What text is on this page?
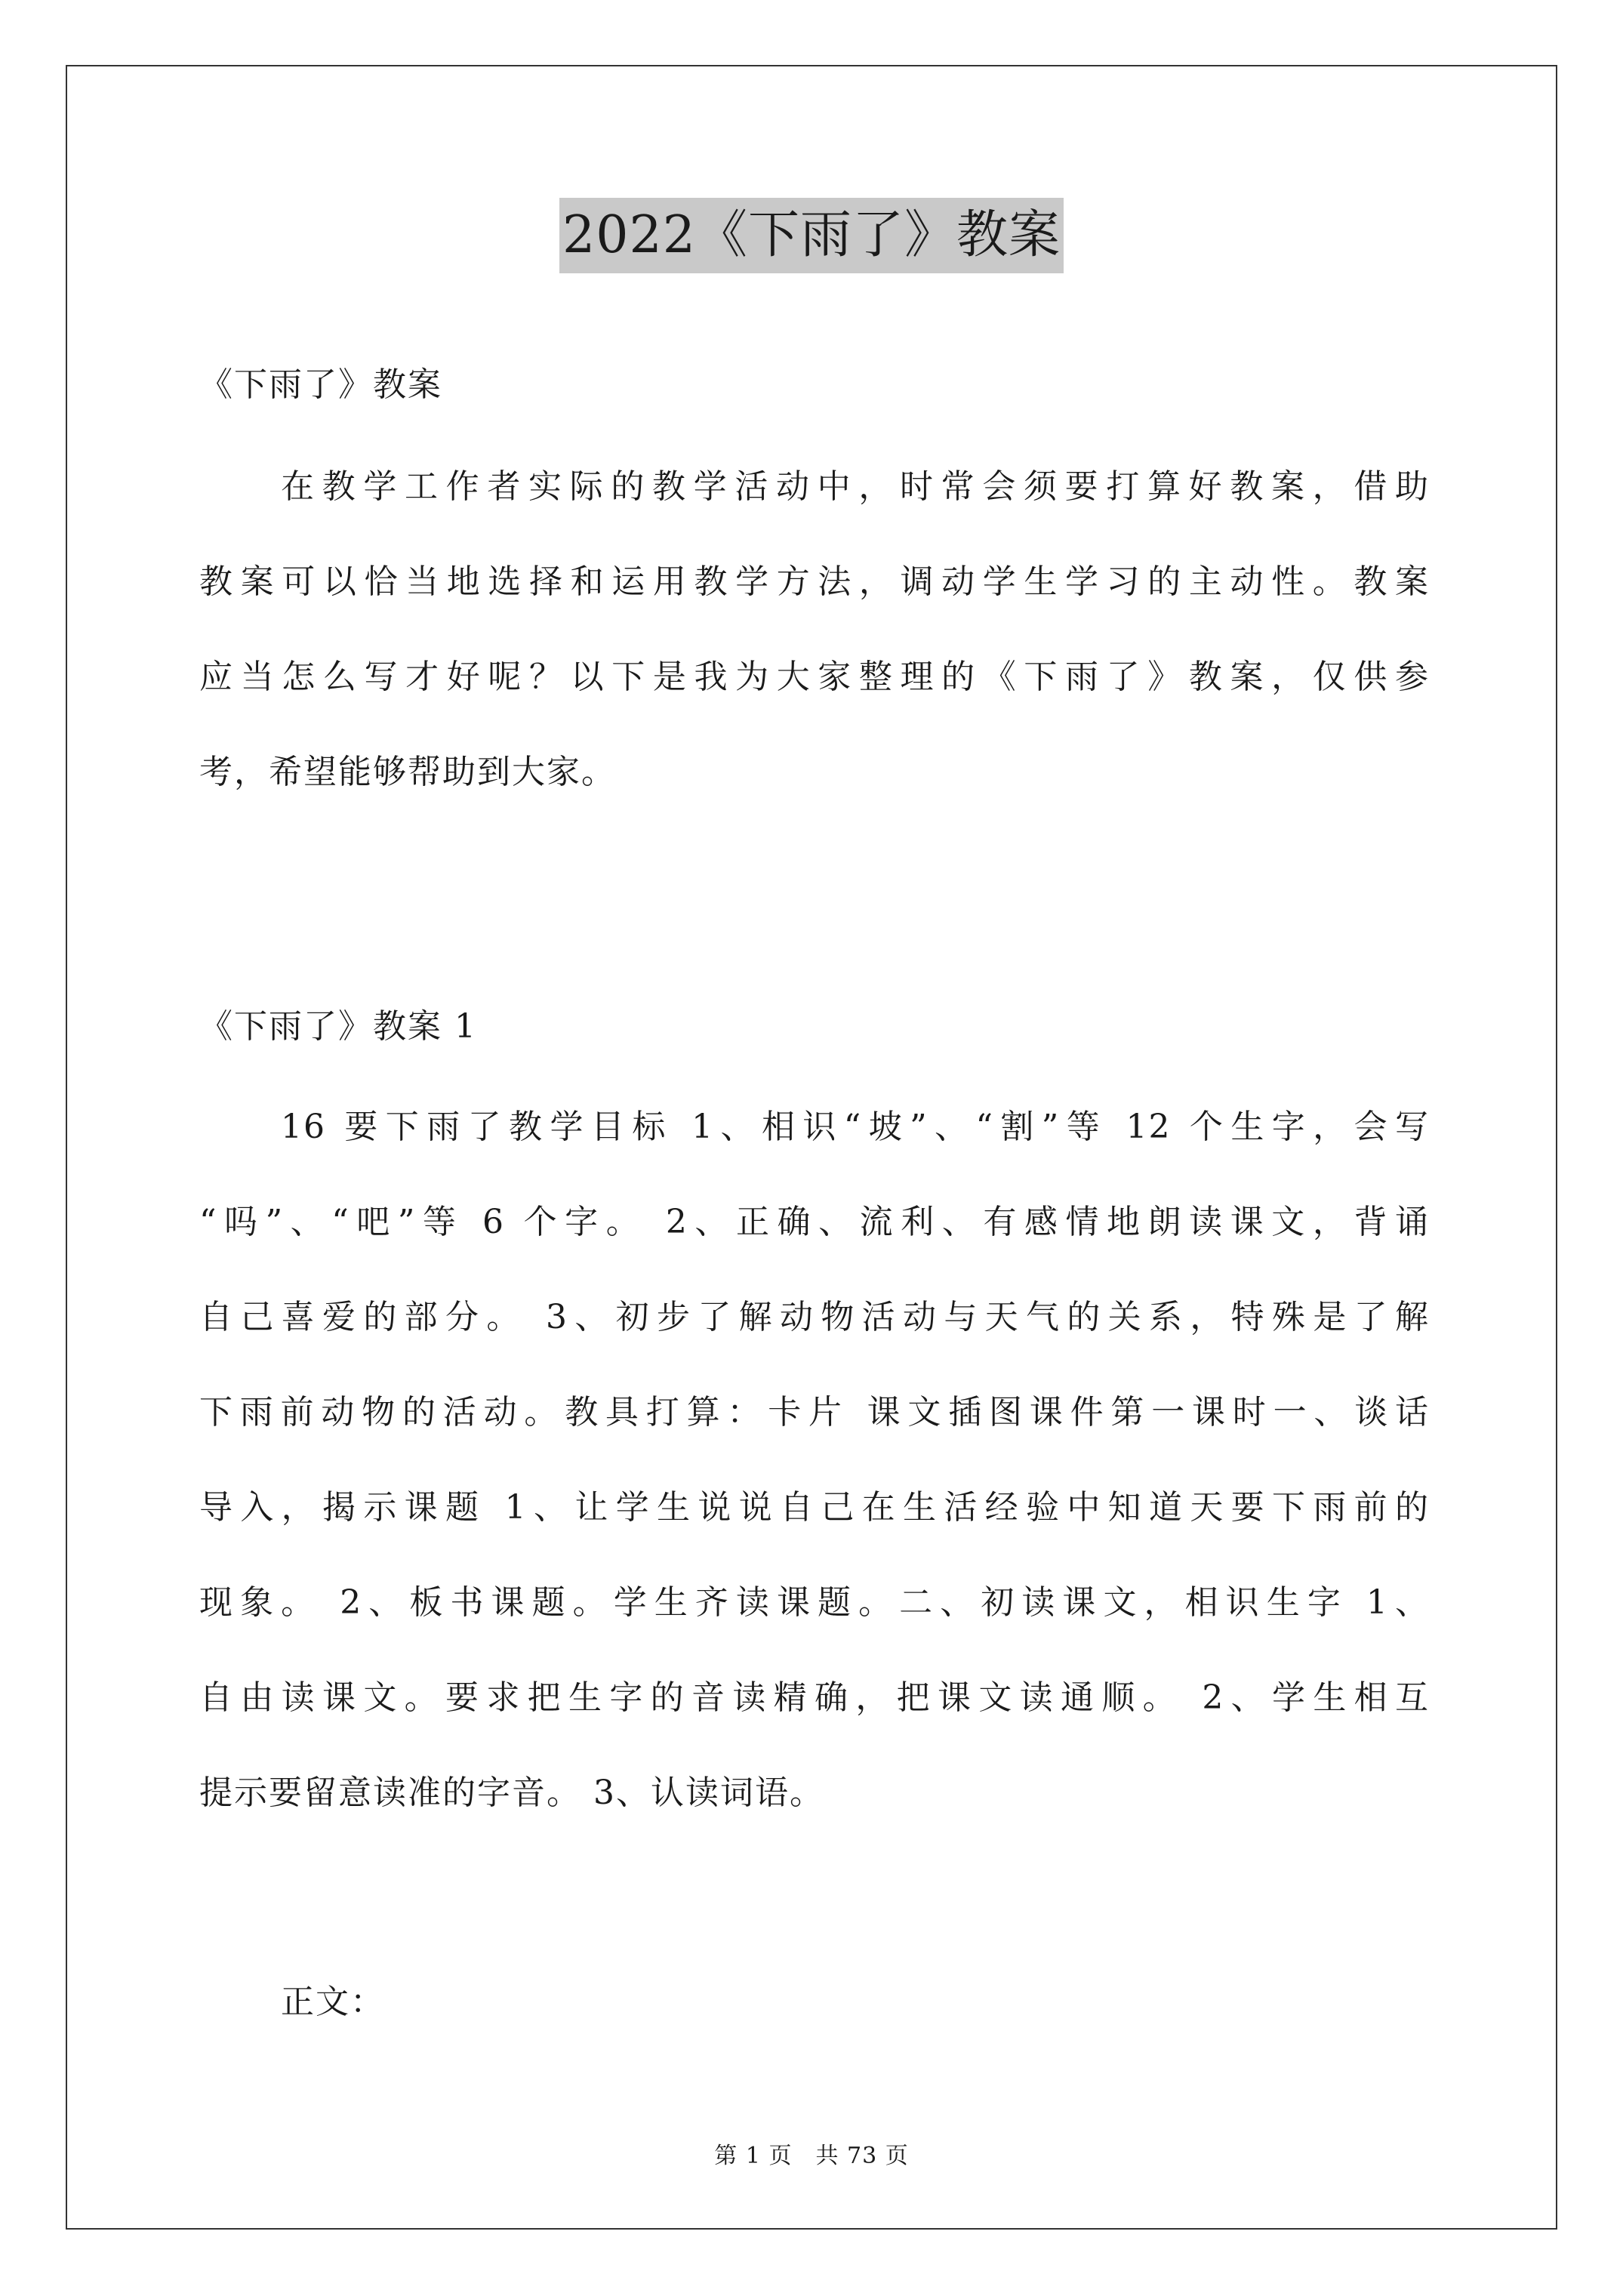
2022《下雨了》教案
《下雨了》教案
在教学工作者实际的教学活动中，时常会须要打算好教案，借助
教案可以恰当地选择和运用教学方法，调动学生学习的主动性。教案
应当怎么写才好呢？以下是我为大家整理的《下雨了》教案，仅供参
考，希望能够帮助到大家。
《下雨了》教案 1
16 要下雨了教学目标 1、相识“坡”、“割”等 12 个生字，会写
“吗”、“吧”等 6 个字。 2、正确、流利、有感情地朗读课文，背诵
自己喜爱的部分。 3、初步了解动物活动与天气的关系，特殊是了解
下雨前动物的活动。教具打算：卡片 课文插图课件第一课时一、谈话
导入，揭示课题 1、让学生说说自己在生活经验中知道天要下雨前的
现象。 2、板书课题。学生齐读课题。二、初读课文，相识生字 1、
自由读课文。要求把生字的音读精确，把课文读通顺。 2、学生相互
提示要留意读准的字音。 3、认读词语。
正文：
第 1 页　共 73 页
